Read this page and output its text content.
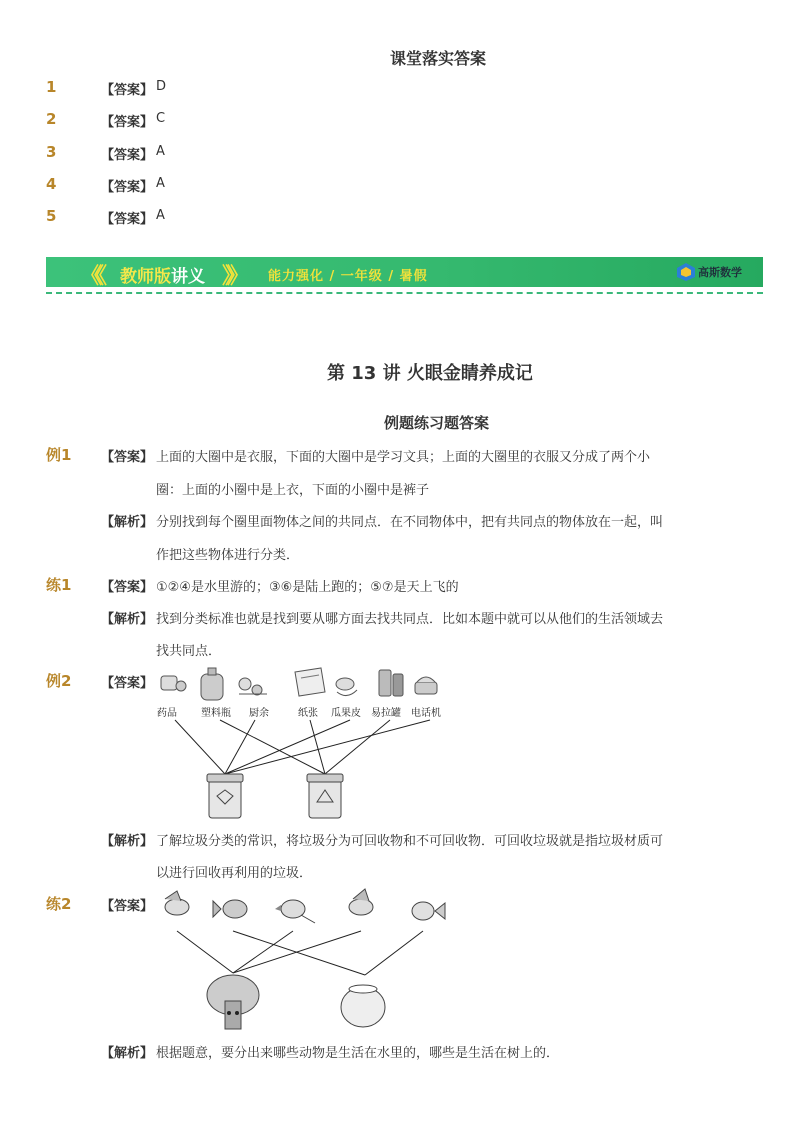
课堂落实答案
1	【答案】 D
2	【答案】 C
3	【答案】 A
4	【答案】 A
5	【答案】 A
《《 教师版讲义 》》 能力强化 / 一年级 / 暑假	高斯数学
第 13 讲 火眼金睛养成记
例题练习题答案
例1 【答案】 上面的大圈中是衣服，下面的大圈中是学习文具；上面的大圈里的衣服又分成了两个小
圈：上面的小圈中是上衣，下面的小圈中是裤子
【解析】 分别找到每个圈里面物体之间的共同点．在不同物体中，把有共同点的物体放在一起，叫
作把这些物体进行分类．
练1 【答案】 ①②④是水里游的；③⑥是陆上跑的；⑤⑦是天上飞的
【解析】 找到分类标准也就是找到要从哪方面去找共同点．比如本题中就可以从他们的生活领域去
找共同点．
例2 【答案】
药品 塑料瓶 厨余	纸张 瓜果皮 易拉罐 电话机
【解析】 了解垃圾分类的常识，将垃圾分为可回收物和不可回收物．可回收垃圾就是指垃圾材质可
以进行回收再利用的垃圾．
练2 【答案】
【解析】 根据题意，要分出来哪些动物是生活在水里的，哪些是生活在树上的．
